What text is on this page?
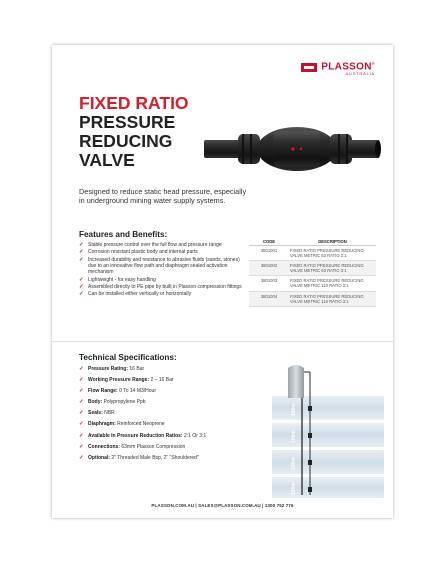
PLASSON®
AUSTRALIA
FIXED RATIO
PRESSURE
REDUCING
VALVE

Designed to reduce static head pressure, especially in underground mining water supply systems.

Features and Benefits:
✓ Stable pressure control over the full flow and pressure range
✓ Corrosion resistant plastic body and internal parts
✓ Increased durability and resistance to abrasive fluids (sands, stones) due to an innovative flow path and diaphragm sealed activation mechanism
✓ Lightweight - for easy handling
✓ Assembled directly to PE pipe by built in Plasson compression fittings
✓ Can be installed either vertically or horizontally
CODE	DESCRIPTION
3801001	FIXED RATIO PRESSURE REDUCING VALVE METRIC 63 RATIO 2:1
3801002	FIXED RATIO PRESSURE REDUCING VALVE METRIC 63 RATIO 3:1
3801003	FIXED RATIO PRESSURE REDUCING VALVE METRIC 110 RATIO 2:1
3801004	FIXED RATIO PRESSURE REDUCING VALVE METRIC 110 RATIO 3:1
Technical Specifications:
✓ Pressure Rating: 16 Bar
✓ Working Pressure Range: 2 – 16 Bar
✓ Flow Range: 0 To 14 M3/Hour
✓ Body: Polypropylene Ppb
✓ Seals: NBR
✓ Diaphragm: Reinforced Neoprene
✓ Available In Pressure Reduction Ratios: 2:1 Or 3:1
✓ Connections: 63mm Plasson Compression
✓ Optional: 2" Threaded Male Bsp, 2" "Shouldered"
100m
100m
100m
100m
PLASSON.COM.AU | SALES@PLASSON.COM.AU | 1300 752 776
